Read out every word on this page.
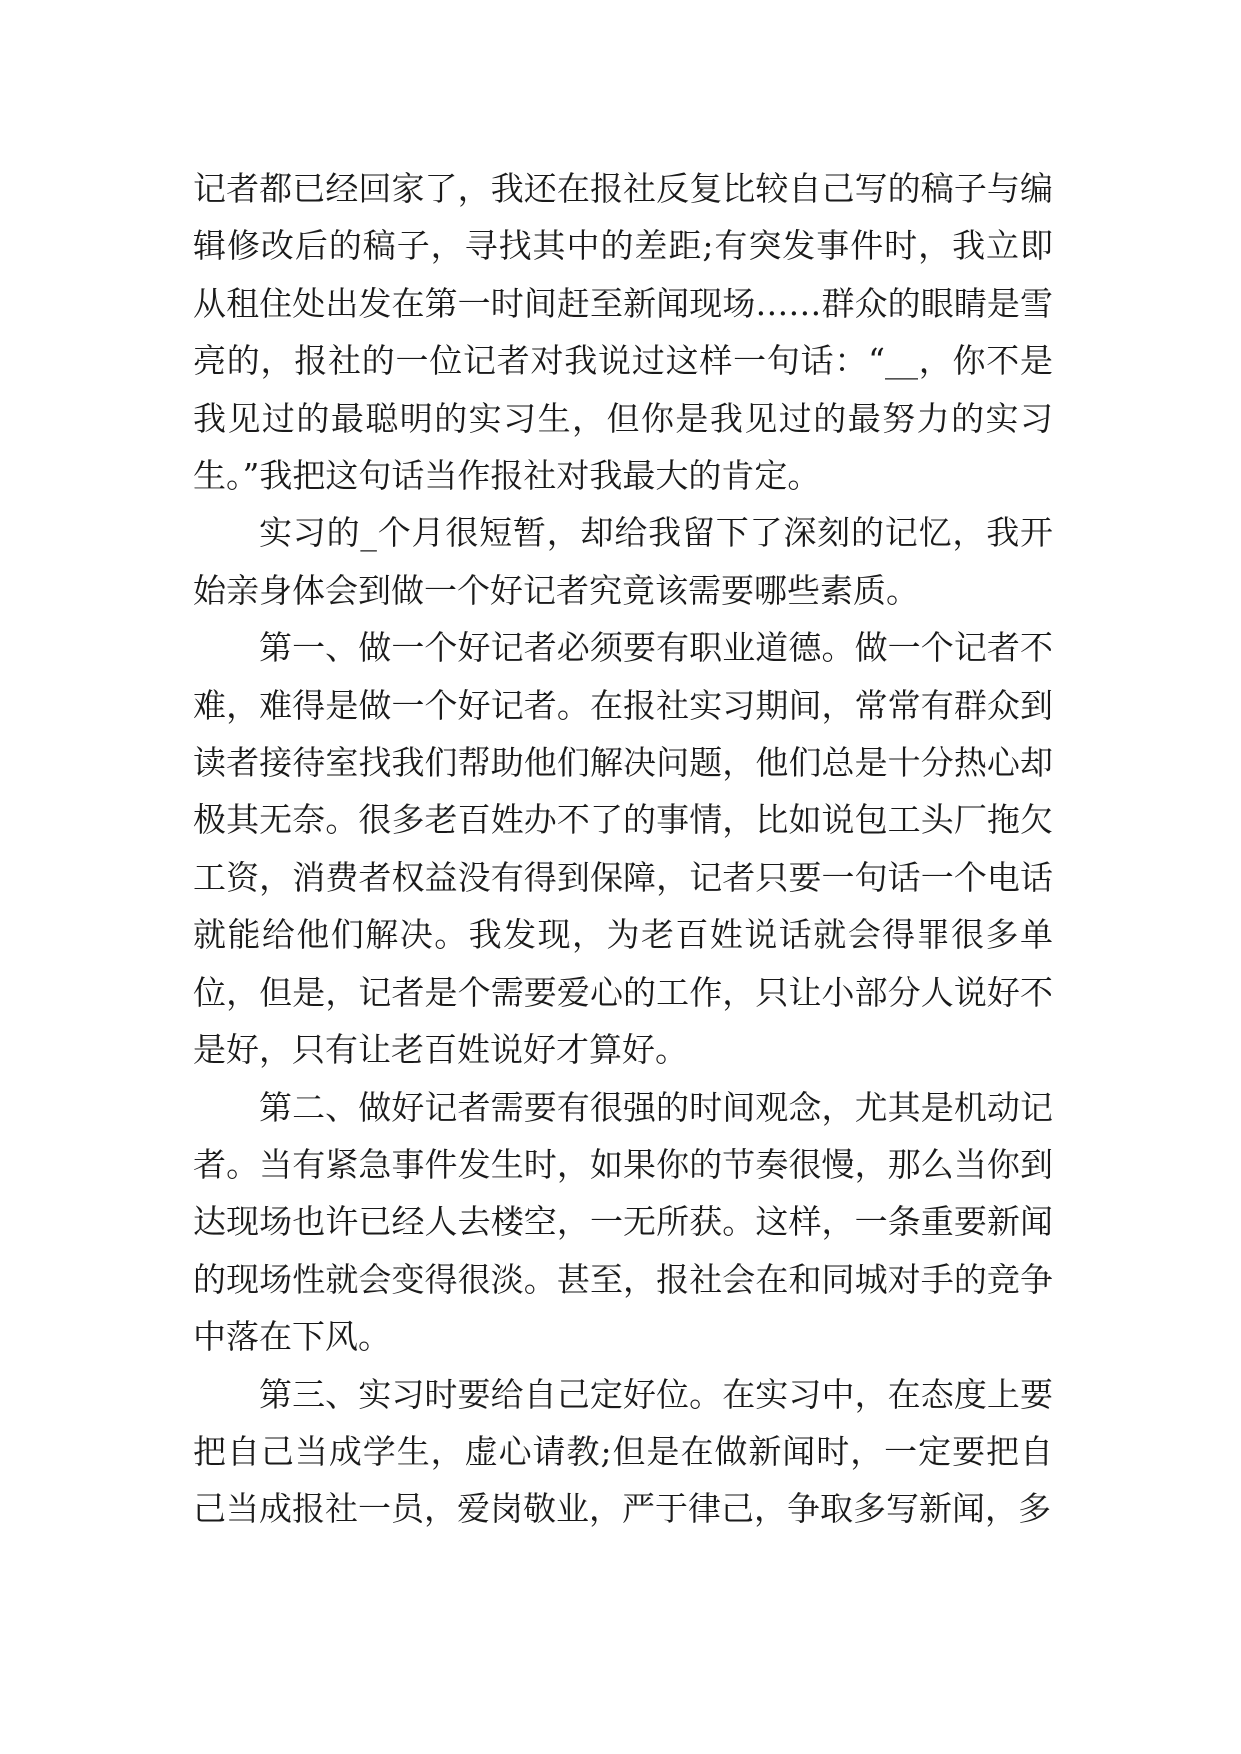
记者都已经回家了，我还在报社反复比较自己写的稿子与编辑修改后的稿子，寻找其中的差距;有突发事件时，我立即从租住处出发在第一时间赶至新闻现场……群众的眼睛是雪亮的，报社的一位记者对我说过这样一句话：“__，你不是我见过的最聪明的实习生，但你是我见过的最努力的实习生。”我把这句话当作报社对我最大的肯定。

实习的_个月很短暂，却给我留下了深刻的记忆，我开始亲身体会到做一个好记者究竟该需要哪些素质。

第一、做一个好记者必须要有职业道德。做一个记者不难，难得是做一个好记者。在报社实习期间，常常有群众到读者接待室找我们帮助他们解决问题，他们总是十分热心却极其无奈。很多老百姓办不了的事情，比如说包工头厂拖欠工资，消费者权益没有得到保障，记者只要一句话一个电话就能给他们解决。我发现，为老百姓说话就会得罪很多单位，但是，记者是个需要爱心的工作，只让小部分人说好不是好，只有让老百姓说好才算好。

第二、做好记者需要有很强的时间观念，尤其是机动记者。当有紧急事件发生时，如果你的节奏很慢，那么当你到达现场也许已经人去楼空，一无所获。这样，一条重要新闻的现场性就会变得很淡。甚至，报社会在和同城对手的竞争中落在下风。

第三、实习时要给自己定好位。在实习中，在态度上要把自己当成学生，虚心请教;但是在做新闻时，一定要把自己当成报社一员，爱岗敬业，严于律己，争取多写新闻，多
